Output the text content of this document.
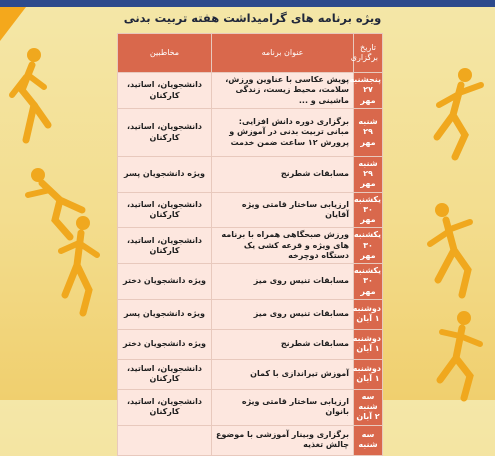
ویژه برنامه های گرامیداشت هفته تربیت بدنی
تاریخ برگزاری	عنوان برنامه	مخاطبین
پنجشنبه ۲۷ مهر	پویش عکاسی با عناوین ورزش، سلامت، محیط زیست، زندگی ماشینی و ...	دانشجویان، اساتید، کارکنان
شنبه ۲۹ مهر	برگزاری دوره دانش افزایی: مبانی تربیت بدنی در آموزش و پرورش ۱۲ ساعت ضمن خدمت	دانشجویان، اساتید، کارکنان
شنبه ۲۹ مهر	مسابقات شطرنج	ویژه دانشجویان پسر
یکشنبه ۳۰ مهر	ارزیابی ساختار قامتی ویژه آقایان	دانشجویان، اساتید، کارکنان
یکشنبه ۳۰ مهر	ورزش صبحگاهی همراه با برنامه های ویژه و قرعه کشی یک دستگاه دوچرخه	دانشجویان، اساتید، کارکنان
یکشنبه ۳۰ مهر	مسابقات تنیس روی میز	ویژه دانشجویان دختر
دوشنبه ۱ آبان	مسابقات تنیس روی میز	ویژه دانشجویان پسر
دوشنبه ۱ آبان	مسابقات شطرنج	ویژه دانشجویان دختر
دوشنبه ۱ آبان	آموزش تیراندازی با کمان	دانشجویان، اساتید، کارکنان
سه شنبه ۲ آبان	ارزیابی ساختار قامتی ویژه بانوان	دانشجویان، اساتید، کارکنان
سه شنبه	برگزاری وبینار آموزشی با موضوع چالش تغذیه	
